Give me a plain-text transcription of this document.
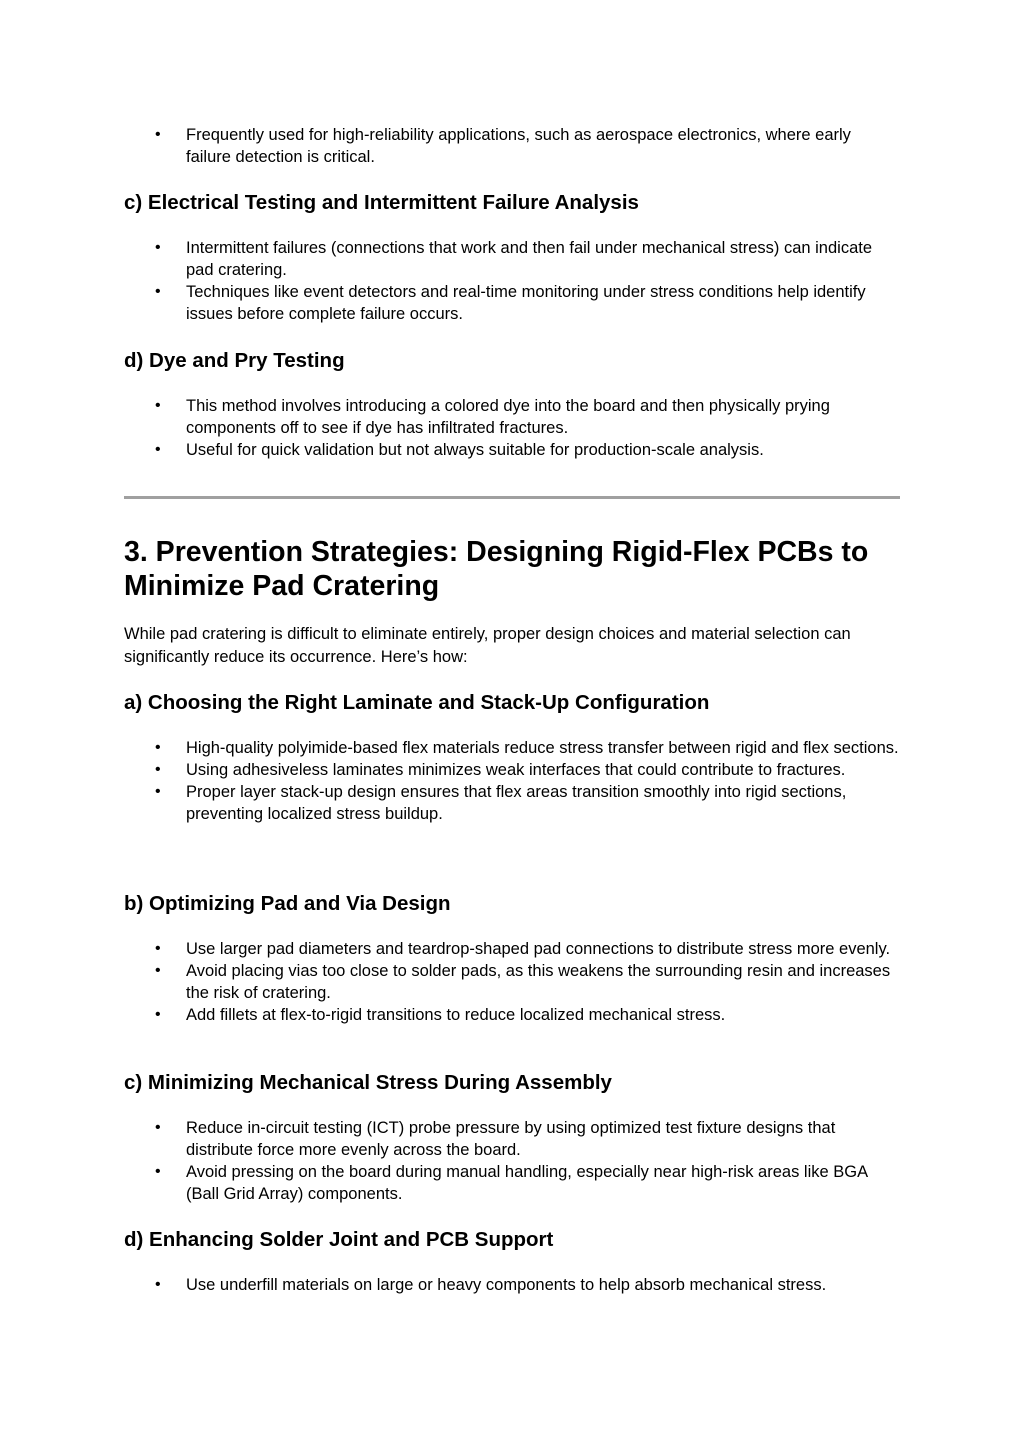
• Frequently used for high-reliability applications, such as aerospace electronics, where early failure detection is critical.
c) Electrical Testing and Intermittent Failure Analysis
• Intermittent failures (connections that work and then fail under mechanical stress) can indicate pad cratering.
• Techniques like event detectors and real-time monitoring under stress conditions help identify issues before complete failure occurs.
d) Dye and Pry Testing
• This method involves introducing a colored dye into the board and then physically prying components off to see if dye has infiltrated fractures.
• Useful for quick validation but not always suitable for production-scale analysis.
3. Prevention Strategies: Designing Rigid-Flex PCBs to Minimize Pad Cratering

While pad cratering is difficult to eliminate entirely, proper design choices and material selection can significantly reduce its occurrence. Here’s how:

a) Choosing the Right Laminate and Stack-Up Configuration
• High-quality polyimide-based flex materials reduce stress transfer between rigid and flex sections.
• Using adhesiveless laminates minimizes weak interfaces that could contribute to fractures.
• Proper layer stack-up design ensures that flex areas transition smoothly into rigid sections, preventing localized stress buildup.
b) Optimizing Pad and Via Design
• Use larger pad diameters and teardrop-shaped pad connections to distribute stress more evenly.
• Avoid placing vias too close to solder pads, as this weakens the surrounding resin and increases the risk of cratering.
• Add fillets at flex-to-rigid transitions to reduce localized mechanical stress.
c) Minimizing Mechanical Stress During Assembly
• Reduce in-circuit testing (ICT) probe pressure by using optimized test fixture designs that distribute force more evenly across the board.
• Avoid pressing on the board during manual handling, especially near high-risk areas like BGA (Ball Grid Array) components.
d) Enhancing Solder Joint and PCB Support
• Use underfill materials on large or heavy components to help absorb mechanical stress.
